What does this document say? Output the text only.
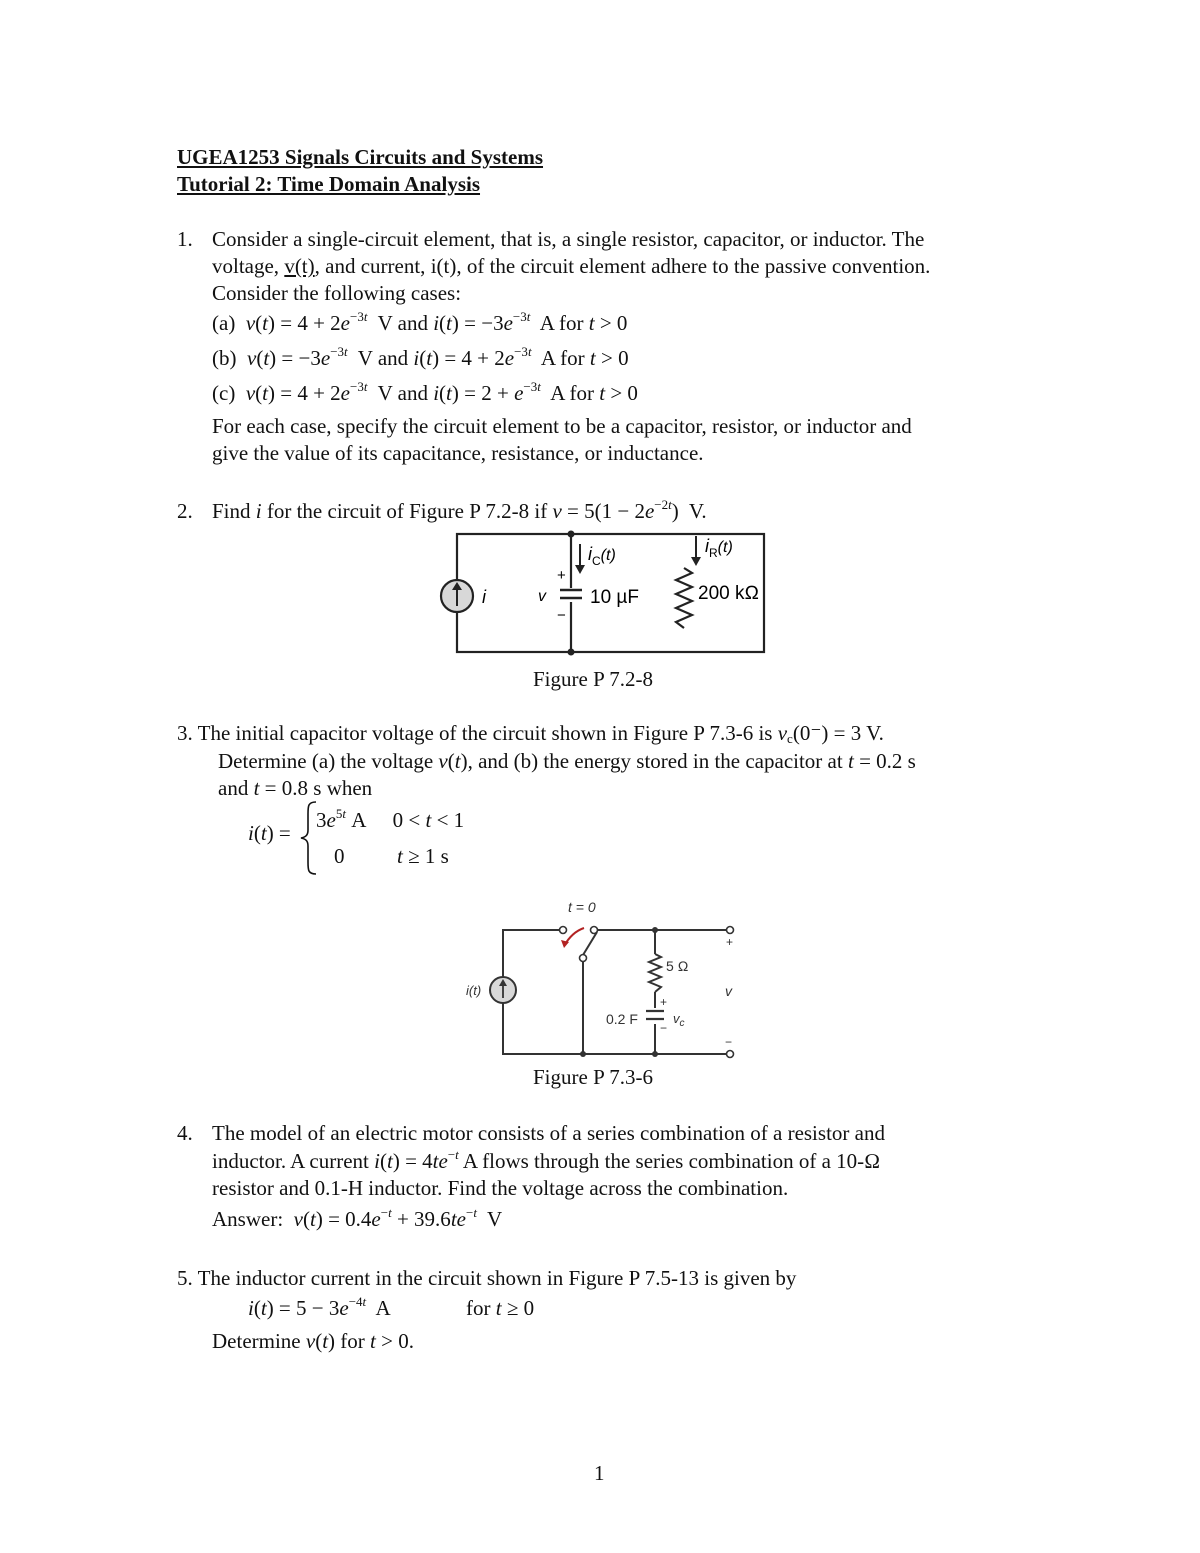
UGEA1253 Signals Circuits and Systems
Tutorial 2: Time Domain Analysis
1. Consider a single-circuit element, that is, a single resistor, capacitor, or inductor. The
voltage, v(t), and current, i(t), of the circuit element adhere to the passive convention.
Consider the following cases:
(a) $v(t) = 4 + 2e^{-3t}$  V and $i(t) = -3e^{-3t}$  A for t > 0
(b) $v(t) = -3e^{-3t}$  V and $i(t) = 4 + 2e^{-3t}$  A for t > 0
(c) $v(t) = 4 + 2e^{-3t}$  V and $i(t) = 2 + e^{-3t}$  A for t > 0
For each case, specify the circuit element to be a capacitor, resistor, or inductor and
give the value of its capacitance, resistance, or inductance.
2. Find i for the circuit of Figure P 7.2-8 if $v = 5(1 - 2e^{-2t})$  V.
i	v
+
−
$i_C(t)$	$i_R(t)$
10 µF	200 kΩ
Figure P 7.2-8
3. The initial capacitor voltage of the circuit shown in Figure P 7.3-6 is $v_c(0^-) = 3$ V.
Determine (a) the voltage v(t), and (b) the energy stored in the capacitor at t = 0.2 s
and t = 0.8 s when
i(t) =
$3e^{5t}$ A     0 < t < 1
0          t ≥ 1 s
t = 0
i(t)
5 Ω
0.2 F
+
−
$v_c$
+
v
−
Figure P 7.3-6
4. The model of an electric motor consists of a series combination of a resistor and
inductor. A current $i(t) = 4te^{-t}$ A flows through the series combination of a 10-Ω
resistor and 0.1-H inductor. Find the voltage across the combination.
Answer: $v(t) = 0.4e^{-t} + 39.6te^{-t}$  V
5. The inductor current in the circuit shown in Figure P 7.5-13 is given by
$i(t) = 5 - 3e^{-4t}$  A	for t ≥ 0
Determine v(t) for t > 0.
1
